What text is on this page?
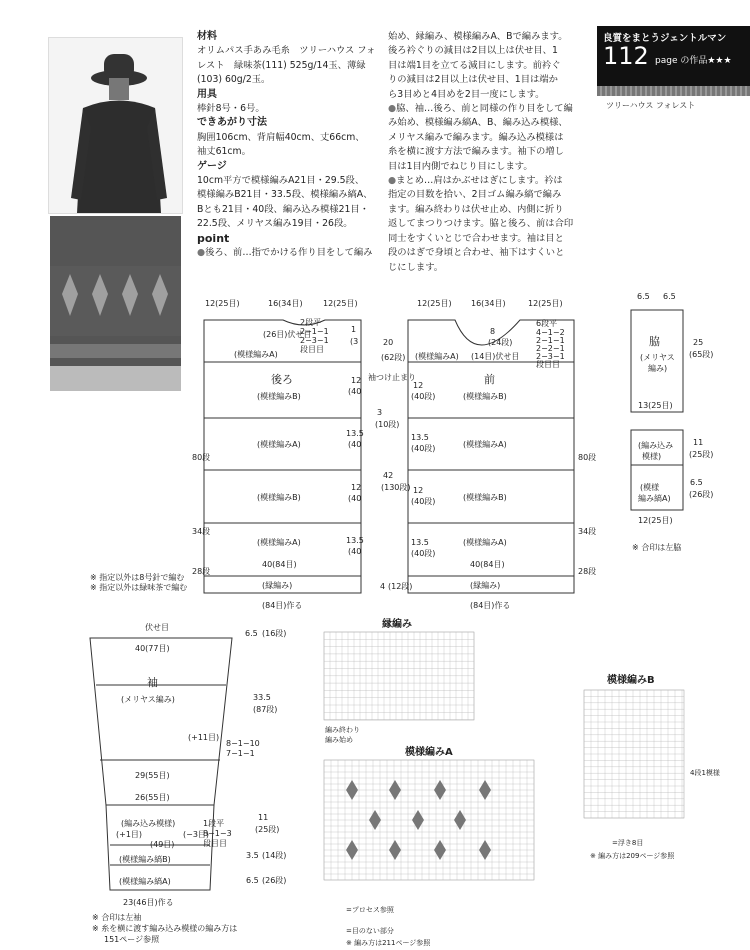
材料
オリムパス手あみ毛糸　ツリーハウス フォ
レスト　緑味茶(111) 525g/14玉、薄緑
(103) 60g/2玉。
用具
棒針8号・6号。
できあがり寸法
胸囲106cm、背肩幅40cm、丈66cm、
袖丈61cm。
ゲージ
10cm平方で模様編みA21目・29.5段、
模様編みB21目・33.5段、模様編み縞A、
Bとも21目・40段、編み込み模様21目・
22.5段、メリヤス編み19目・26段。
point
●後ろ、前…指でかける作り目をして編み
始め、縁編み、模様編みA、Bで編みます。
後ろ衿ぐりの減目は2目以上は伏せ目、1
目は端1目を立てる減目にします。前衿ぐ
りの減目は2目以上は伏せ目、1目は端か
ら3目めと4目めを2目一度にします。
●脇、袖…後ろ、前と同様の作り目をして編
み始め、模様編み縞A、B、編み込み模様、
メリヤス編みで編みます。編み込み模様は
糸を横に渡す方法で編みます。袖下の増し
目は1目内側でねじり目にします。
●まとめ…肩はかぶせはぎにします。衿は
指定の目数を拾い、2目ゴム編み縞で編み
ます。編み終わりは伏せ止め、内側に折り
返してまつりつけます。脇と後ろ、前は合印
同士をすくいとじで合わせます。袖は目と
段のはぎで身頃と合わせ、袖下はすくいと
じにします。
良質をまとうジェントルマン
112 page の作品★★★
ツリーハウス フォレスト
12(25目)	16(34目)	12(25目)
(26目)伏せ目
2段平
2−1−1
2−3−1
段目目
(模様編みA)
後ろ
(模様編みB)
(模様編みA)
(模様編みB)
(模様編みA)
40(84目)
(縁編み)
(84目)作る
1
(3
12
(40
13.5
(40
12
(40
13.5
(40
20
(62段)
42
(130段)
4 (12段)
3
(10段)
袖つけ止まり
80段
34段
28段
※ 指定以外は8号針で編む
※ 指定以外は緑味茶で編む
12(25目) 16(34目)	12(25目)
(14目)伏せ目
6段平
4−1−2
2−1−1
2−2−1
2−3−1
段目目
8
(24段)
(模様編みA)
前
(模様編みB)
(模様編みA)
(模様編みB)
(模様編みA)
40(84目)
(縁編み)
(84目)作る
12
(40段)
13.5
(40段)
12
(40段)
13.5
(40段)
80段
34段
28段
6.5 6.5
脇
(メリヤス
編み)
13(25目)
25
(65段)
11
(25段)
6.5
(26段)
(編み込み
模様)
(模様
編み縞A)
12(25目)
※ 合印は左脇
伏せ目
40(77目)
袖
(メリヤス編み)
(+11目)
8−1−10
7−1−1
29(55目)
26(55目)
6.5 (16段)
33.5
(87段)
11
(25段)
3.5 (14段)
6.5 (26段)
(編み込み模様)
(+1目)	(−3目)
(49目)
1段平
8−1−3
段目目
(模様編み縞B)
(模様編み縞A)
23(46目)作る
※ 合印は左袖
※ 糸を横に渡す編み込み模様の編み方は
151ページ参照
縁編み
編み終わり
編み始め
模様編みA
=プロセス参照
=目のない部分
※ 編み方は211ページ参照
模様編みB
4段1模様
=浮き8目
※ 編み方は209ページ参照
